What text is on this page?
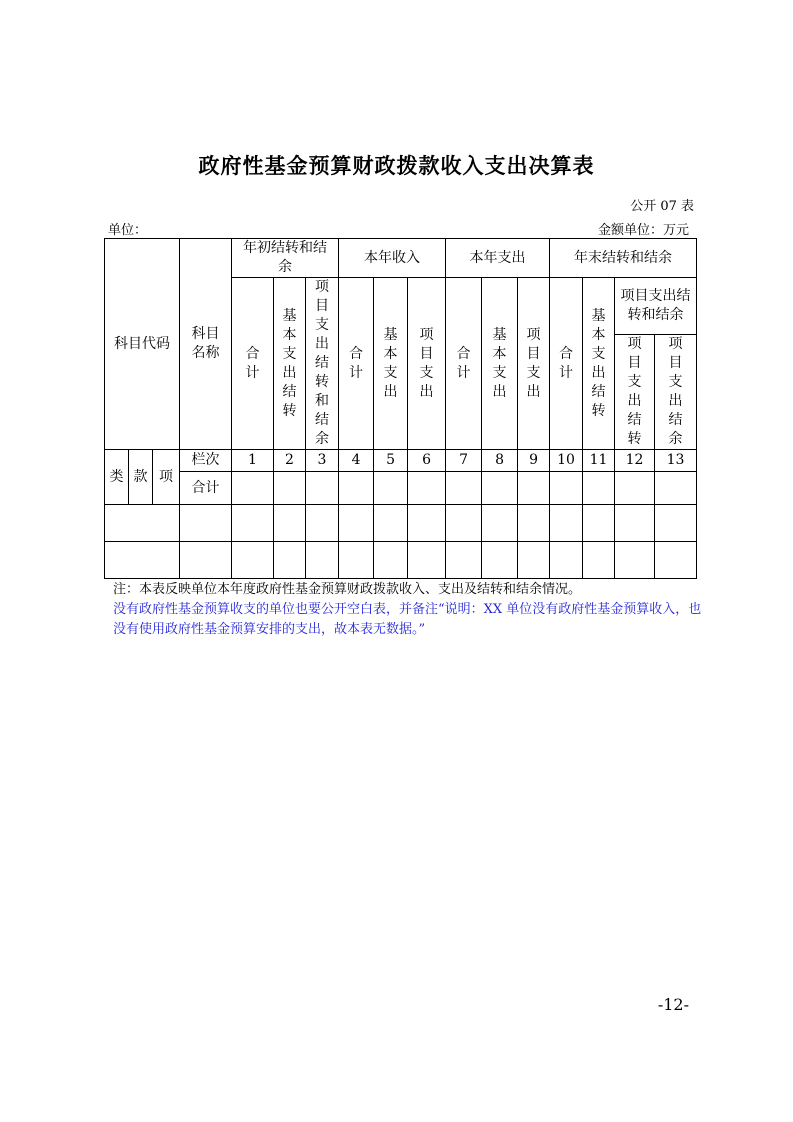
政府性基金预算财政拨款收入支出决算表
公开 07 表
单位：	金额单位：万元
科目代码			科目名称	年初结转和结余			本年收入			本年支出			年末结转和结余			
				合计	基本支出结转	项目支出结转和结余	合计	基本支出	项目支出	合计	基本支出	项目支出	合计	基本支出结转	项目支出结转和结余	
															项目支出结转	项目支出结余

类	款	项	栏次	1	2	3	4	5	6	7	8	9	10	11	12	13
			合计													

注：本表反映单位本年度政府性基金预算财政拨款收入、支出及结转和结余情况。
没有政府性基金预算收支的单位也要公开空白表，并备注“说明：XX 单位没有政府性基金预算收入，也没有使用政府性基金预算安排的支出，故本表无数据。”
-12-
